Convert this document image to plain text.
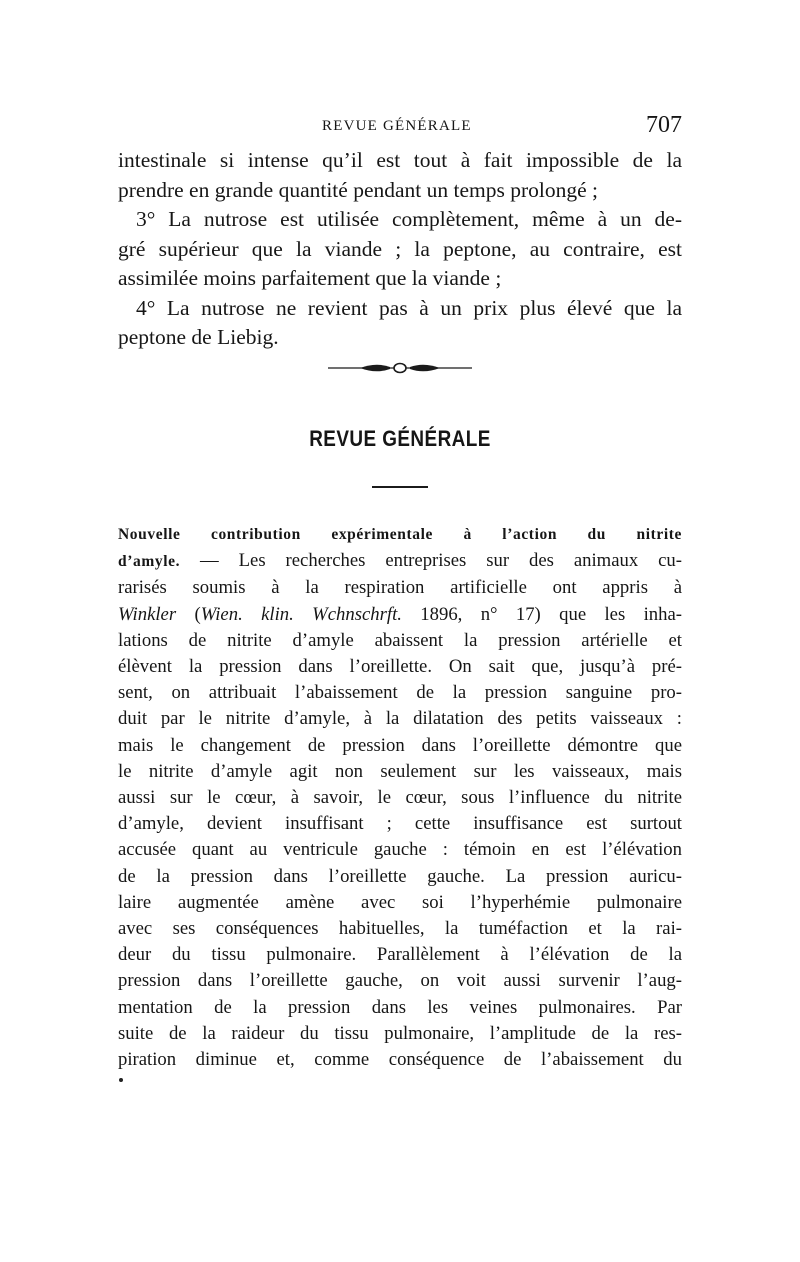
REVUE GÉNÉRALE	707
intestinale si intense qu’il est tout à fait impossible de la
prendre en grande quantité pendant un temps prolongé ;
3° La nutrose est utilisée complètement, même à un de-
gré supérieur que la viande ; la peptone, au contraire, est
assimilée moins parfaitement que la viande ;
4° La nutrose ne revient pas à un prix plus élevé que la
peptone de Liebig.
REVUE GÉNÉRALE
Nouvelle contribution expérimentale à l’action du nitrite
d’amyle. — Les recherches entreprises sur des animaux cu-
rarisés soumis à la respiration artificielle ont appris à
Winkler (Wien. klin. Wchnschrft. 1896, n° 17) que les inha-
lations de nitrite d’amyle abaissent la pression artérielle et
élèvent la pression dans l’oreillette. On sait que, jusqu’à pré-
sent, on attribuait l’abaissement de la pression sanguine pro-
duit par le nitrite d’amyle, à la dilatation des petits vaisseaux :
mais le changement de pression dans l’oreillette démontre que
le nitrite d’amyle agit non seulement sur les vaisseaux, mais
aussi sur le cœur, à savoir, le cœur, sous l’influence du nitrite
d’amyle, devient insuffisant ; cette insuffisance est surtout
accusée quant au ventricule gauche : témoin en est l’élévation
de la pression dans l’oreillette gauche. La pression auricu-
laire augmentée amène avec soi l’hyperhémie pulmonaire
avec ses conséquences habituelles, la tuméfaction et la rai-
deur du tissu pulmonaire. Parallèlement à l’élévation de la
pression dans l’oreillette gauche, on voit aussi survenir l’aug-
mentation de la pression dans les veines pulmonaires. Par
suite de la raideur du tissu pulmonaire, l’amplitude de la res-
piration diminue et, comme conséquence de l’abaissement du
